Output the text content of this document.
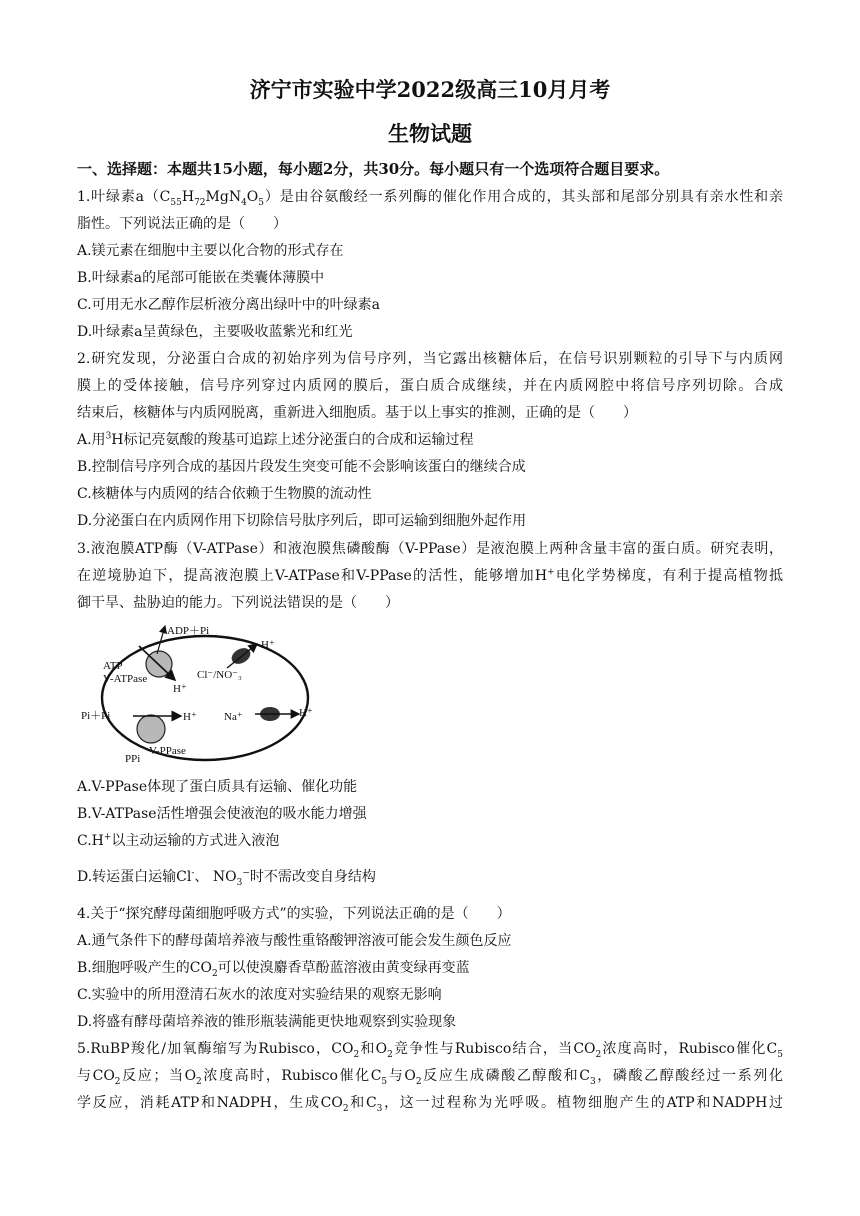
济宁市实验中学2022级高三10月月考
生物试题
一、选择题：本题共15小题，每小题2分，共30分。每小题只有一个选项符合题目要求。
1.叶绿素$a(C_{55}H_{72}MgN_4O_5)$是由谷氨酸经一系列酶的催化作用合成的，其头部和尾部分别具有亲水性和亲
脂性。下列说法正确的是（　　）
A.镁元素在细胞中主要以化合物的形式存在
B.叶绿素a的尾部可能嵌在类囊体薄膜中
C.可用无水乙醇作层析液分离出绿叶中的叶绿素a
D.叶绿素a呈黄绿色，主要吸收蓝紫光和红光
2.研究发现，分泌蛋白合成的初始序列为信号序列，当它露出核糖体后，在信号识别颗粒的引导下与内质网
膜上的受体接触，信号序列穿过内质网的膜后，蛋白质合成继续，并在内质网腔中将信号序列切除。合成
结束后，核糖体与内质网脱离，重新进入细胞质。基于以上事实的推测，正确的是（　　）
A.用$^3$H标记亮氨酸的羧基可追踪上述分泌蛋白的合成和运输过程
B.控制信号序列合成的基因片段发生突变可能不会影响该蛋白的继续合成
C.核糖体与内质网的结合依赖于生物膜的流动性
D.分泌蛋白在内质网作用下切除信号肽序列后，即可运输到细胞外起作用
3.液泡膜ATP酶（V-ATPase）和液泡膜焦磷酸酶（V-PPase）是液泡膜上两种含量丰富的蛋白质。研究表明，
在逆境胁迫下，提高液泡膜上V-ATPase和V-PPase的活性，能够增加H+电化学势梯度，有利于提高植物抵
御干旱、盐胁迫的能力。下列说法错误的是（　　）
ADP＋Pi
ATP
V-ATPase
H⁺
H⁺
Cl⁻/NO⁻₃
Na⁺	H⁺
H⁺
Pi＋Pi
PPi
V-PPase
A.V-PPase体现了蛋白质具有运输、催化功能
B.V-ATPase活性增强会使液泡的吸水能力增强
C.H+以主动运输的方式进入液泡
D.转运蛋白运输Cl-、 $NO_3^-$时不需改变自身结构
4.关于“探究酵母菌细胞呼吸方式”的实验，下列说法正确的是（　　）
A.通气条件下的酵母菌培养液与酸性重铬酸钾溶液可能会发生颜色反应
B.细胞呼吸产生的$CO_2$可以使溴麝香草酚蓝溶液由黄变绿再变蓝
C.实验中的所用澄清石灰水的浓度对实验结果的观察无影响
D.将盛有酵母菌培养液的锥形瓶装满能更快地观察到实验现象
5.RuBP羧化/加氧酶缩写为Rubisco，$CO_2$和$O_2$竞争性与Rubisco结合，当$CO_2$浓度高时，Rubisco催化$C_5$
与$CO_2$反应；当$O_2$浓度高时，Rubisco催化$C_5$与$O_2$反应生成磷酸乙醇酸和$C_3$，磷酸乙醇酸经过一系列化
学反应，消耗ATP和NADPH，生成$CO_2$和$C_3$，这一过程称为光呼吸。植物细胞产生的ATP和NADPH过
